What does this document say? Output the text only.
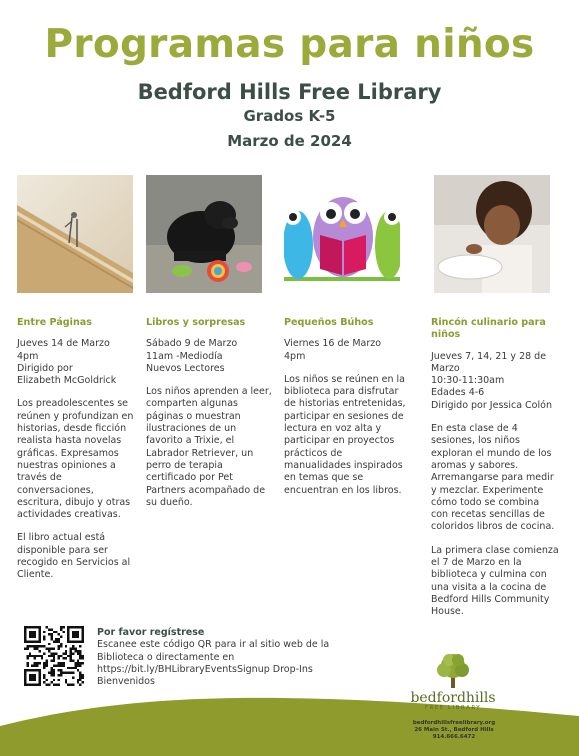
Programas para niños
Bedford Hills Free Library
Grados K-5
Marzo de 2024
Entre Páginas

Jueves 14 de Marzo
4pm
Dirigido por
Elizabeth McGoldrick

Los preadolescentes se reúnen y profundizan en historias, desde ficción realista hasta novelas gráficas. Expresamos nuestras opiniones a través de conversaciones, escritura, dibujo y otras actividades creativas.

El libro actual está disponible para ser recogido en Servicios al Cliente.

Libros y sorpresas

Sábado 9 de Marzo
11am -Mediodía
Nuevos Lectores

Los niños aprenden a leer, comparten algunas páginas o muestran ilustraciones de un favorito a Trixie, el Labrador Retriever, un perro de terapia certificado por Pet Partners acompañado de su dueño.

Pequeños Búhos

Viernes 16 de Marzo
4pm

Los niños se reúnen en la biblioteca para disfrutar de historias entretenidas, participar en sesiones de lectura en voz alta y participar en proyectos prácticos de manualidades inspirados en temas que se encuentran en los libros.

Rincón culinario para niños

Jueves 7, 14, 21 y 28 de Marzo
10:30-11:30am
Edades 4-6
Dirigido por Jessica Colón

En esta clase de 4 sesiones, los niños exploran el mundo de los aromas y sabores. Arremangarse para medir y mezclar. Experimente cómo todo se combina con recetas sencillas de coloridos libros de cocina.

La primera clase comienza el 7 de Marzo en la biblioteca y culmina con una visita a la cocina de Bedford Hills Community House.

Por favor regístrese
Escanee este código QR para ir al sitio web de la Biblioteca o directamente en https://bit.ly/BHLibraryEventsSignup Drop-Ins Bienvenidos
bedfordhills
FREE LIBRARY
bedfordhillsfreelibrary.org
26 Main St., Bedford Hills
914.666.6472
